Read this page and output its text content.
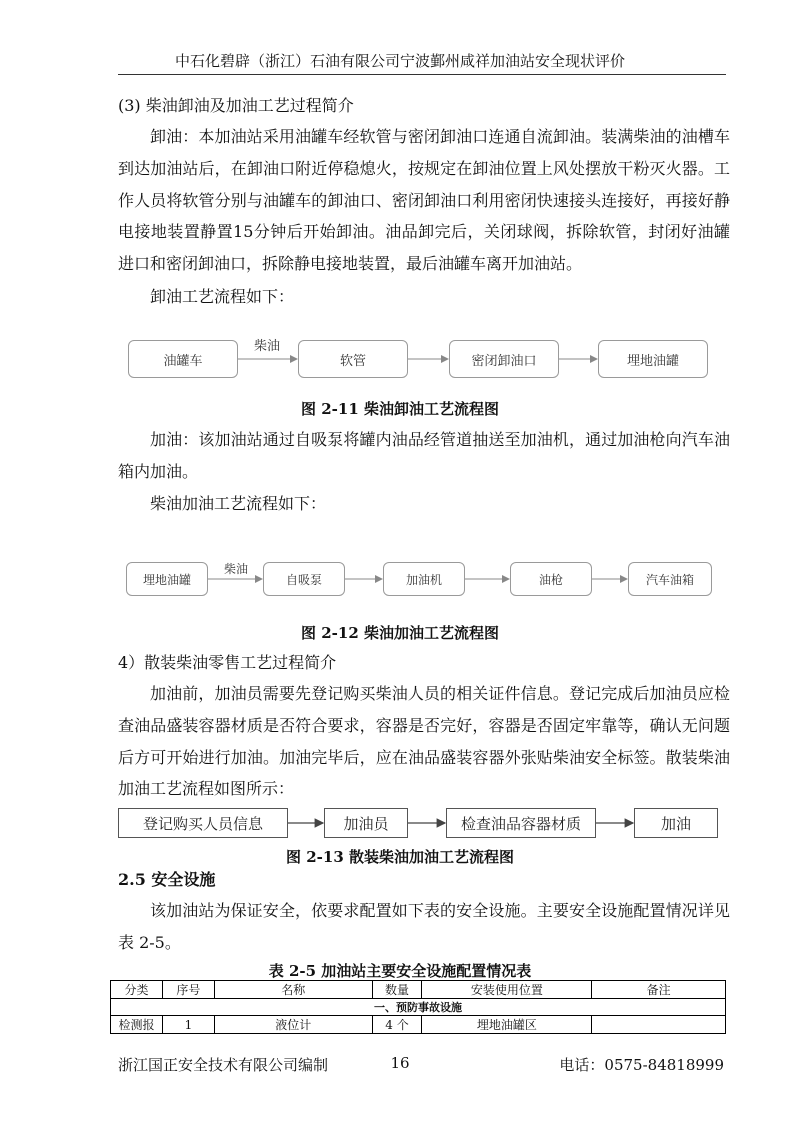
中石化碧辟（浙江）石油有限公司宁波鄞州咸祥加油站安全现状评价
(3) 柴油卸油及加油工艺过程简介
卸油：本加油站采用油罐车经软管与密闭卸油口连通自流卸油。装满柴油的油槽车到达加油站后，在卸油口附近停稳熄火，按规定在卸油位置上风处摆放干粉灭火器。工作人员将软管分别与油罐车的卸油口、密闭卸油口利用密闭快速接头连接好，再接好静电接地装置静置15分钟后开始卸油。油品卸完后，关闭球阀，拆除软管，封闭好油罐进口和密闭卸油口，拆除静电接地装置，最后油罐车离开加油站。
卸油工艺流程如下：
油罐车	软管	密闭卸油口	埋地油罐
柴油
图 2-11 柴油卸油工艺流程图
加油：该加油站通过自吸泵将罐内油品经管道抽送至加油机，通过加油枪向汽车油箱内加油。
柴油加油工艺流程如下：
埋地油罐	自吸泵	加油机	油枪	汽车油箱
柴油
图 2-12 柴油加油工艺流程图
4）散装柴油零售工艺过程简介
加油前，加油员需要先登记购买柴油人员的相关证件信息。登记完成后加油员应检查油品盛装容器材质是否符合要求，容器是否完好，容器是否固定牢靠等，确认无问题后方可开始进行加油。加油完毕后，应在油品盛装容器外张贴柴油安全标签。散装柴油加油工艺流程如图所示：
登记购买人员信息	加油员	检查油品容器材质	加油
图 2-13 散装柴油加油工艺流程图
2.5 安全设施
该加油站为保证安全，依要求配置如下表的安全设施。主要安全设施配置情况详见表 2-5。
表 2-5 加油站主要安全设施配置情况表
分类	序号	名称	数量	安装使用位置	备注
一、预防事故设施					
检测报	1	液位计	4 个	埋地油罐区	
浙江国正安全技术有限公司编制	16	电话：0575-84818999
